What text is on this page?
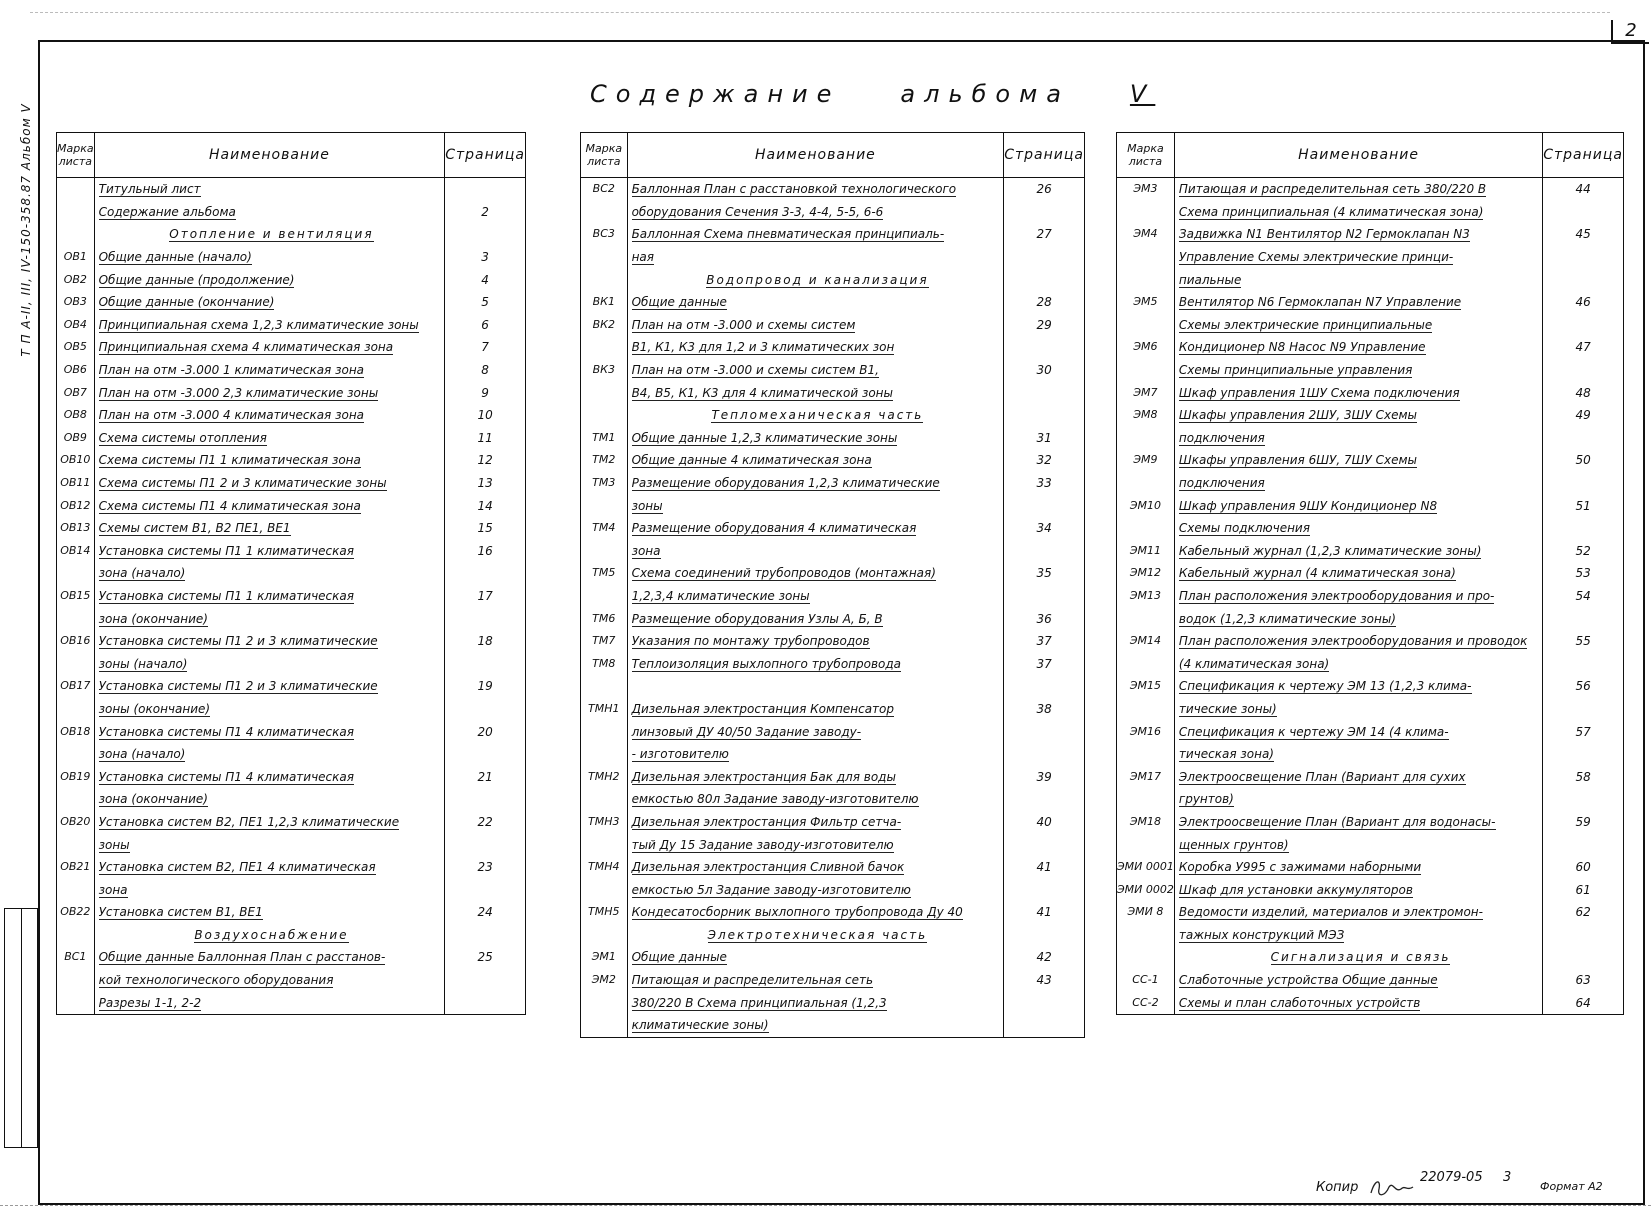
2
Содержание	альбома	V
Т П А-II, III, IV-150-358.87 Альбом V Марка листа	Наименование	Страница
	Титульный лист	
	Содержание альбома	2
	Отопление и вентиляция	
ОВ1	Общие данные (начало)	3
ОВ2	Общие данные (продолжение)	4
ОВ3	Общие данные (окончание)	5
ОВ4	Принципиальная схема 1,2,3 климатические зоны	6
ОВ5	Принципиальная схема 4 климатическая зона	7
ОВ6	План на отм -3.000 1 климатическая зона	8
ОВ7	План на отм -3.000 2,3 климатические зоны	9
ОВ8	План на отм -3.000 4 климатическая зона	10
ОВ9	Схема системы отопления	11
ОВ10	Схема системы П1 1 климатическая зона	12
ОВ11	Схема системы П1 2 и 3 климатические зоны	13
ОВ12	Схема системы П1 4 климатическая зона	14
ОВ13	Схемы систем В1, В2 ПЕ1, ВЕ1	15
ОВ14	Установка системы П1 1 климатическая	16
	зона (начало)	
ОВ15	Установка системы П1 1 климатическая	17
	зона (окончание)	
ОВ16	Установка системы П1 2 и 3 климатические	18
	зоны (начало)	
ОВ17	Установка системы П1 2 и 3 климатические	19
	зоны (окончание)	
ОВ18	Установка системы П1 4 климатическая	20
	зона (начало)	
ОВ19	Установка системы П1 4 климатическая	21
	зона (окончание)	
ОВ20	Установка систем В2, ПЕ1 1,2,3 климатические	22
	зоны	
ОВ21	Установка систем В2, ПЕ1 4 климатическая	23
	зона	
ОВ22	Установка систем В1, ВЕ1	24
	Воздухоснабжение	
ВС1	Общие данные Баллонная План с расстанов-	25
	кой технологического оборудования	
	Разрезы 1-1, 2-2	
Марка листа	Наименование	Страница
ВС2	Баллонная План с расстановкой технологического	26
	оборудования Сечения 3-3, 4-4, 5-5, 6-6	
ВС3	Баллонная Схема пневматическая принципиаль-	27
	ная	
	Водопровод и канализация	
ВК1	Общие данные	28
ВК2	План на отм -3.000 и схемы систем	29
	В1, К1, К3 для 1,2 и 3 климатических зон	
ВК3	План на отм -3.000 и схемы систем В1,	30
	В4, В5, К1, К3 для 4 климатической зоны	
	Тепломеханическая часть	
ТМ1	Общие данные 1,2,3 климатические зоны	31
ТМ2	Общие данные 4 климатическая зона	32
ТМ3	Размещение оборудования 1,2,3 климатические	33
	зоны	
ТМ4	Размещение оборудования 4 климатическая	34
	зона	
ТМ5	Схема соединений трубопроводов (монтажная)	35
	1,2,3,4 климатические зоны	
ТМ6	Размещение оборудования Узлы А, Б, В	36
ТМ7	Указания по монтажу трубопроводов	37
ТМ8	Теплоизоляция выхлопного трубопровода	37

ТМН1	Дизельная электростанция Компенсатор	38
	линзовый ДУ 40/50 Задание заводу-	
	- изготовителю	
ТМН2	Дизельная электростанция Бак для воды	39
	емкостью 80л Задание заводу-изготовителю	
ТМН3	Дизельная электростанция Фильтр сетча-	40
	тый Ду 15 Задание заводу-изготовителю	
ТМН4	Дизельная электростанция Сливной бачок	41
	емкостью 5л Задание заводу-изготовителю	
ТМН5	Кондесатосборник выхлопного трубопровода Ду 40	41
	Электротехническая часть	
ЭМ1	Общие данные	42
ЭМ2	Питающая и распределительная сеть	43
	380/220 В Схема принципиальная (1,2,3	
	климатические зоны)	
Марка листа	Наименование	Страница
ЭМ3	Питающая и распределительная сеть 380/220 В	44
	Схема принципиальная (4 климатическая зона)	
ЭМ4	Задвижка N1 Вентилятор N2 Гермоклапан N3	45
	Управление Схемы электрические принци-	
	пиальные	
ЭМ5	Вентилятор N6 Гермоклапан N7 Управление	46
	Схемы электрические принципиальные	
ЭМ6	Кондиционер N8 Насос N9 Управление	47
	Схемы принципиальные управления	
ЭМ7	Шкаф управления 1ШУ Схема подключения	48
ЭМ8	Шкафы управления 2ШУ, 3ШУ Схемы	49
	подключения	
ЭМ9	Шкафы управления 6ШУ, 7ШУ Схемы	50
	подключения	
ЭМ10	Шкаф управления 9ШУ Кондиционер N8	51
	Схемы подключения	
ЭМ11	Кабельный журнал (1,2,3 климатические зоны)	52
ЭМ12	Кабельный журнал (4 климатическая зона)	53
ЭМ13	План расположения электрооборудования и про-	54
	водок (1,2,3 климатические зоны)	
ЭМ14	План расположения электрооборудования и проводок	55
	(4 климатическая зона)	
ЭМ15	Спецификация к чертежу ЭМ 13 (1,2,3 клима-	56
	тические зоны)	
ЭМ16	Спецификация к чертежу ЭМ 14 (4 клима-	57
	тическая зона)	
ЭМ17	Электроосвещение План (Вариант для сухих	58
	грунтов)	
ЭМ18	Электроосвещение План (Вариант для водонасы-	59
	щенных грунтов)	
ЭМИ 0001	Коробка У995 с зажимами наборными	60
ЭМИ 0002	Шкаф для установки аккумуляторов	61
ЭМИ 8	Ведомости изделий, материалов и электромон-	62
	тажных конструкций МЭЗ	
	Сигнализация и связь	
СС-1	Слаботочные устройства Общие данные	63
СС-2	Схемы и план слаботочных устройств	64
Копир
22079-05 3
Формат А2
